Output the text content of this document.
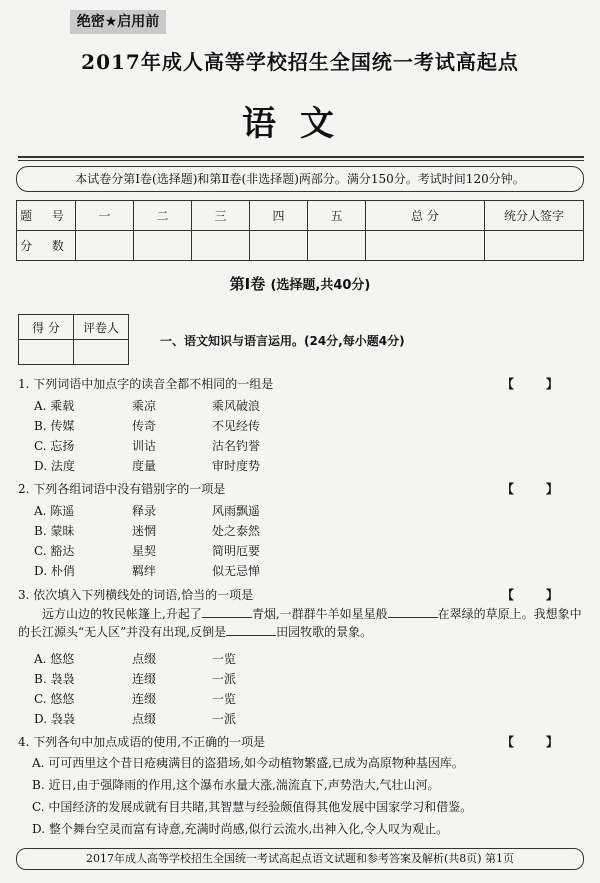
绝密★启用前
2017年成人高等学校招生全国统一考试高起点
语文
本试卷分第Ⅰ卷(选择题)和第Ⅱ卷(非选择题)两部分。满分150分。考试时间120分钟。
题 号	一	二	三	四	五	总 分	统分人签字
分 数							
第Ⅰ卷 (选择题,共40分)
得 分	评卷人

一、语文知识与语言运用。(24分,每小题4分)
1. 下列词语中加点字的读音全都不相同的一组是	【 】
A. 乘载	乘凉	乘风破浪
B. 传媒	传奇	不见经传
C. 忘扬	训诂	沽名钓誉
D. 法度	度量	审时度势
2. 下列各组词语中没有错别字的一项是	【 】
A. 陈遥	释录	风雨飘遥
B. 蒙昧	迷惘	处之泰然
C. 豁达	星契	简明厄要
D. 朴俏	羁绊	似无忌惮
3. 依次填入下列横线处的词语,恰当的一项是	【 】
远方山边的牧民帐篷上,升起了	青烟,一群群牛羊如星星般	在翠绿的草原上。我想象中的长江源头“无人区”并没有出现,反倒是	田园牧歌的景象。
A. 悠悠	点缀	一览
B. 袅袅	连缀	一派
C. 悠悠	连缀	一览
D. 袅袅	点缀	一派
4. 下列各句中加点成语的使用,不正确的一项是	【 】
A. 可可西里这个昔日疮痍满目的盗猎场,如今动植物繁盛,已成为高原物种基因库。
B. 近日,由于强降雨的作用,这个瀑布水量大涨,湍流直下,声势浩大,气壮山河。
C. 中国经济的发展成就有目共睹,其智慧与经验颇值得其他发展中国家学习和借鉴。
D. 整个舞台空灵而富有诗意,充满时尚感,似行云流水,出神入化,令人叹为观止。
2017年成人高等学校招生全国统一考试高起点语文试题和参考答案及解析(共8页) 第1页
